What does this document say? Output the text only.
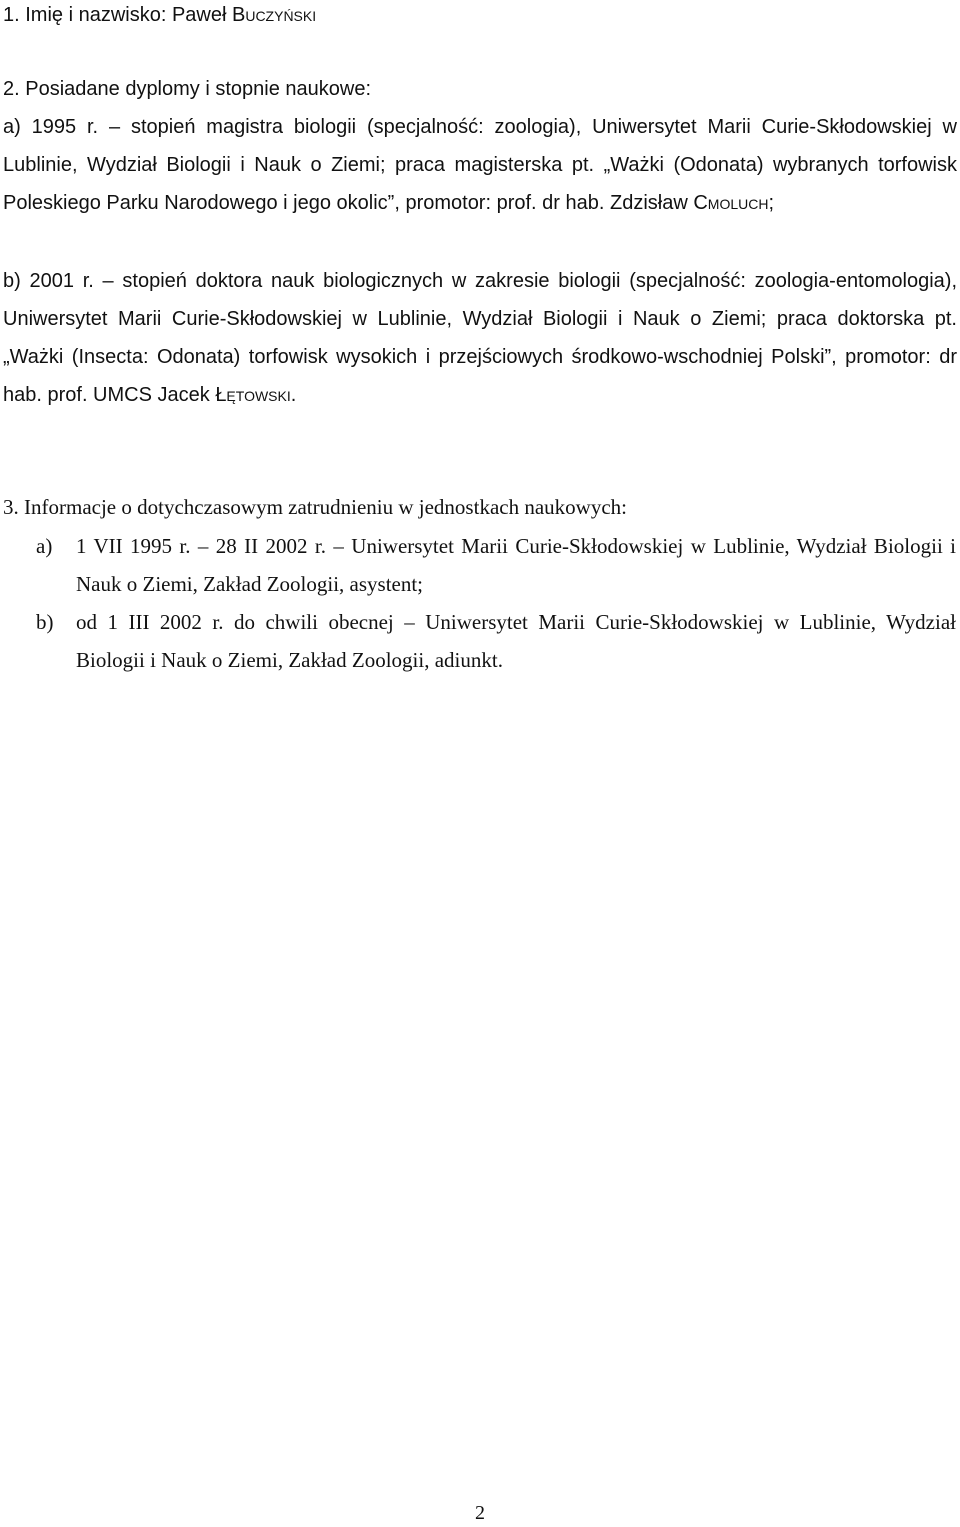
1. Imię i nazwisko: Paweł Buczyński
2. Posiadane dyplomy i stopnie naukowe:
a) 1995 r. – stopień magistra biologii (specjalność: zoologia), Uniwersytet Marii Curie-Skłodowskiej w Lublinie, Wydział Biologii i Nauk o Ziemi; praca magisterska pt. „Ważki (Odonata) wybranych torfowisk Poleskiego Parku Narodowego i jego okolic”, promotor: prof. dr hab. Zdzisław Cmoluch;
b) 2001 r. – stopień doktora nauk biologicznych w zakresie biologii (specjalność: zoologia-entomologia), Uniwersytet Marii Curie-Skłodowskiej w Lublinie, Wydział Biologii i Nauk o Ziemi; praca doktorska pt. „Ważki (Insecta: Odonata) torfowisk wysokich i przejściowych środkowo-wschodniej Polski”, promotor: dr hab. prof. UMCS Jacek Łętowski.
3. Informacje o dotychczasowym zatrudnieniu w jednostkach naukowych:
a) 1 VII 1995 r. – 28 II 2002 r. – Uniwersytet Marii Curie-Skłodowskiej w Lublinie, Wydział Biologii i Nauk o Ziemi, Zakład Zoologii, asystent;
b) od 1 III 2002 r. do chwili obecnej – Uniwersytet Marii Curie-Skłodowskiej w Lublinie, Wydział Biologii i Nauk o Ziemi, Zakład Zoologii, adiunkt.
2
